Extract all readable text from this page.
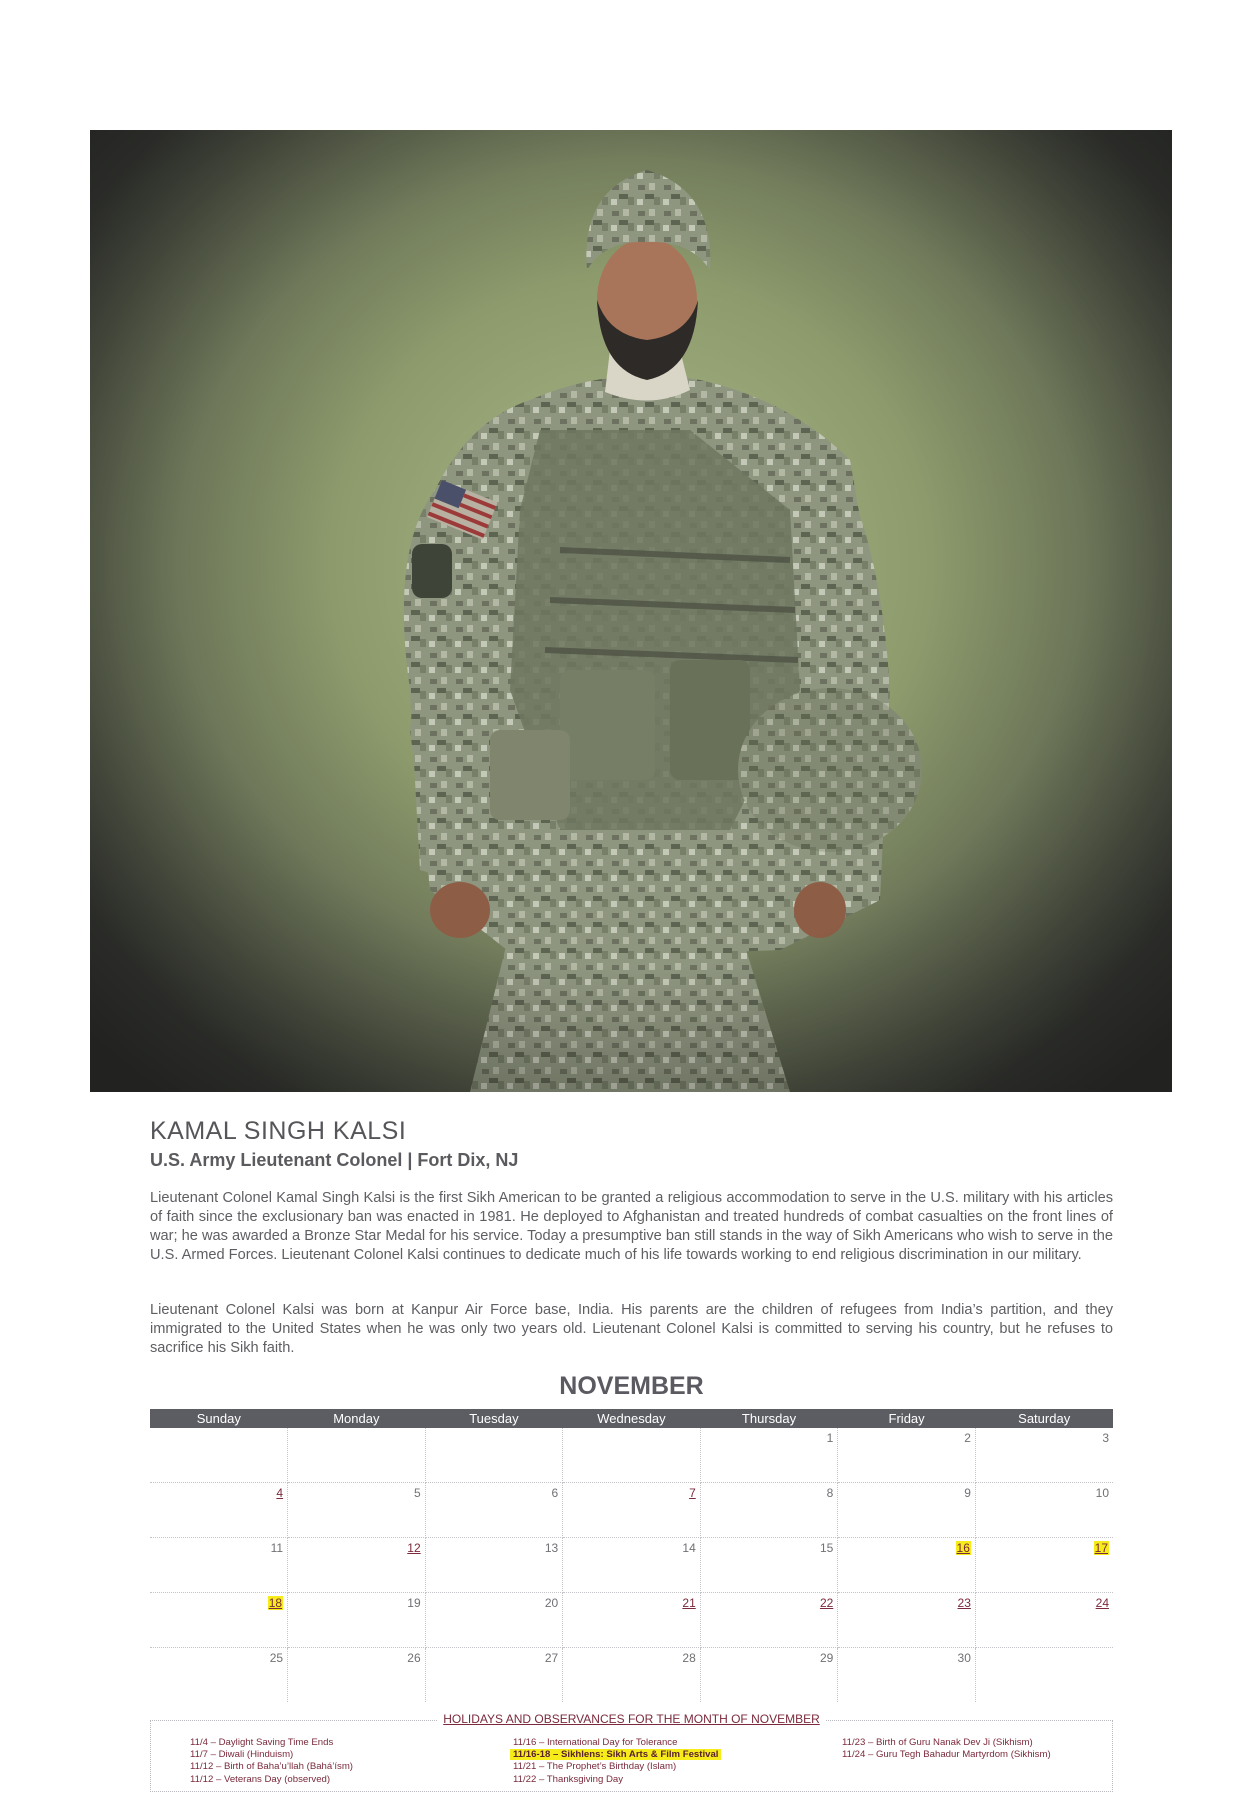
KAMAL SINGH KALSI
U.S. Army Lieutenant Colonel | Fort Dix, NJ

Lieutenant Colonel Kamal Singh Kalsi is the first Sikh American to be granted a religious accommodation to serve in the U.S. military with his articles of faith since the exclusionary ban was enacted in 1981. He deployed to Afghanistan and treated hundreds of combat casualties on the front lines of war; he was awarded a Bronze Star Medal for his service. Today a presumptive ban still stands in the way of Sikh Americans who wish to serve in the U.S. Armed Forces. Lieutenant Colonel Kalsi continues to dedicate much of his life towards working to end religious discrimination in our military.

Lieutenant Colonel Kalsi was born at Kanpur Air Force base, India. His parents are the children of refugees from India’s partition, and they immigrated to the United States when he was only two years old. Lieutenant Colonel Kalsi is committed to serving his country, but he refuses to sacrifice his Sikh faith.

NOVEMBER
Sunday	Monday	Tuesday	Wednesday	Thursday	Friday	Saturday
				1	2	3
4	5	6	7	8	9	10
11	12	13	14	15	16	17
18	19	20	21	22	23	24
25	26	27	28	29	30	
HOLIDAYS AND OBSERVANCES FOR THE MONTH OF NOVEMBER
11/4 – Daylight Saving Time Ends
11/7 – Diwali (Hinduism)
11/12 – Birth of Baha’u’llah (Bahá’ísm)
11/12 – Veterans Day (observed)
11/16 – International Day for Tolerance
11/16-18 – Sikhlens: Sikh Arts & Film Festival
11/21 – The Prophet’s Birthday (Islam)
11/22 – Thanksgiving Day
11/23 – Birth of Guru Nanak Dev Ji (Sikhism)
11/24 – Guru Tegh Bahadur Martyrdom (Sikhism)
